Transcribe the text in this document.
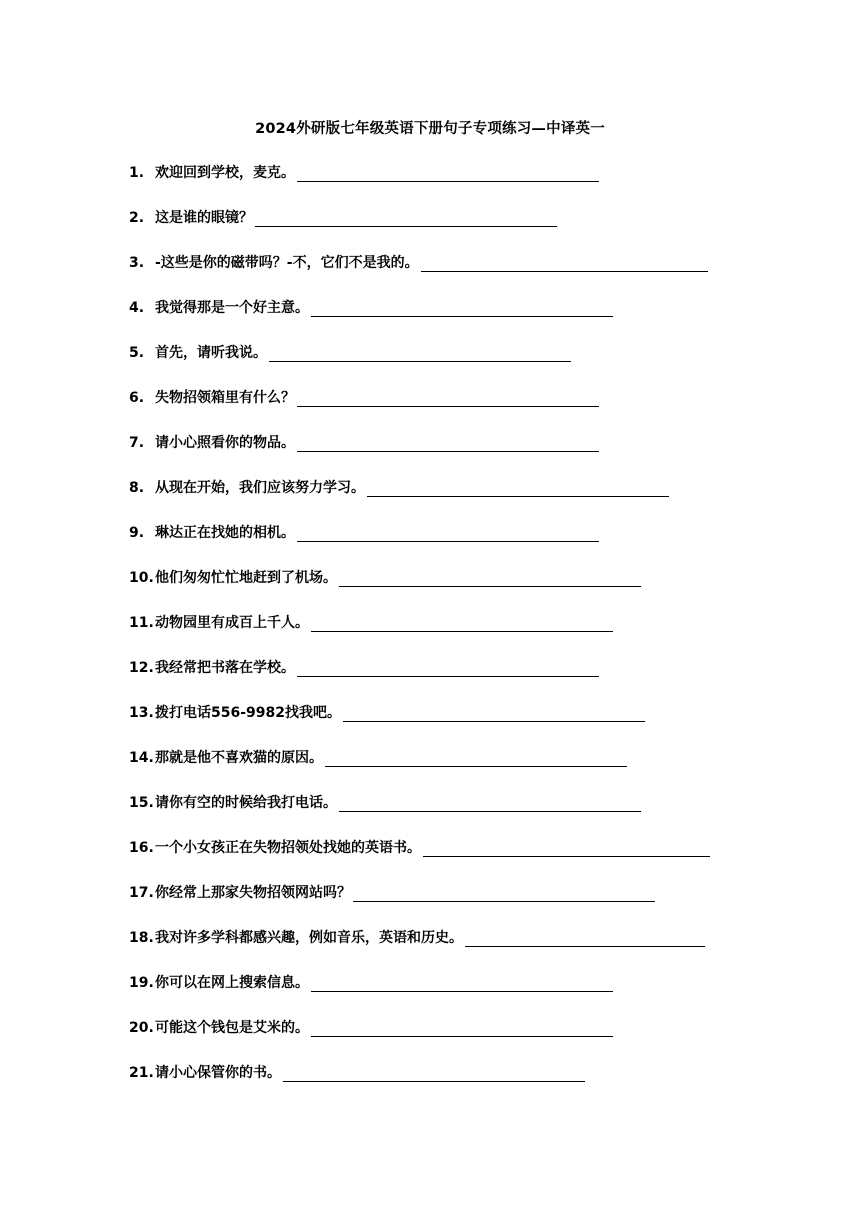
2024外研版七年级英语下册句子专项练习—中译英一
1. 欢迎回到学校，麦克。
2. 这是谁的眼镜？
3. -这些是你的磁带吗？-不，它们不是我的。
4. 我觉得那是一个好主意。
5. 首先，请听我说。
6. 失物招领箱里有什么？
7. 请小心照看你的物品。
8. 从现在开始，我们应该努力学习。
9. 琳达正在找她的相机。
10. 他们匆匆忙忙地赶到了机场。
11. 动物园里有成百上千人。
12. 我经常把书落在学校。
13. 拨打电话556-9982找我吧。
14. 那就是他不喜欢猫的原因。
15. 请你有空的时候给我打电话。
16. 一个小女孩正在失物招领处找她的英语书。
17. 你经常上那家失物招领网站吗？
18. 我对许多学科都感兴趣，例如音乐，英语和历史。
19. 你可以在网上搜索信息。
20. 可能这个钱包是艾米的。
21. 请小心保管你的书。
